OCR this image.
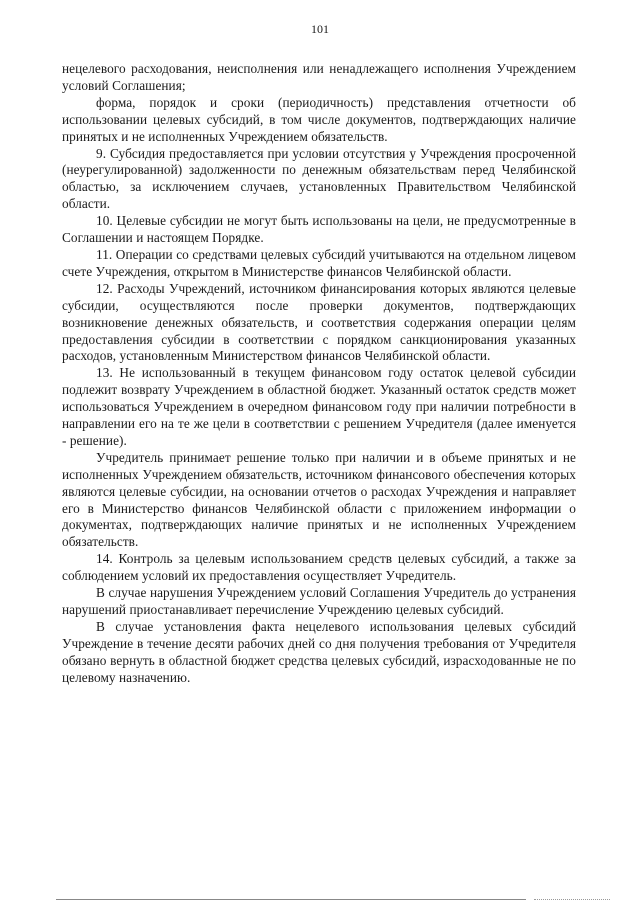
101

нецелевого расходования, неисполнения или ненадлежащего исполнения Учреждением условий Соглашения;

форма, порядок и сроки (периодичность) представления отчетности об использовании целевых субсидий, в том числе документов, подтверждающих наличие принятых и не исполненных Учреждением обязательств.

9. Субсидия предоставляется при условии отсутствия у Учреждения просроченной (неурегулированной) задолженности по денежным обязательствам перед Челябинской областью, за исключением случаев, установленных Правительством Челябинской области.

10. Целевые субсидии не могут быть использованы на цели, не предусмотренные в Соглашении и настоящем Порядке.

11. Операции со средствами целевых субсидий учитываются на отдельном лицевом счете Учреждения, открытом в Министерстве финансов Челябинской области.

12. Расходы Учреждений, источником финансирования которых являются целевые субсидии, осуществляются после проверки документов, подтверждающих возникновение денежных обязательств, и соответствия содержания операции целям предоставления субсидии в соответствии с порядком санкционирования указанных расходов, установленным Министерством финансов Челябинской области.

13. Не использованный в текущем финансовом году остаток целевой субсидии подлежит возврату Учреждением в областной бюджет. Указанный остаток средств может использоваться Учреждением в очередном финансовом году при наличии потребности в направлении его на те же цели в соответствии с решением Учредителя (далее именуется - решение).

Учредитель принимает решение только при наличии и в объеме принятых и не исполненных Учреждением обязательств, источником финансового обеспечения которых являются целевые субсидии, на основании отчетов о расходах Учреждения и направляет его в Министерство финансов Челябинской области с приложением информации о документах, подтверждающих наличие принятых и не исполненных Учреждением обязательств.

14. Контроль за целевым использованием средств целевых субсидий, а также за соблюдением условий их предоставления осуществляет Учредитель.

В случае нарушения Учреждением условий Соглашения Учредитель до устранения нарушений приостанавливает перечисление Учреждению целевых субсидий.

В случае установления факта нецелевого использования целевых субсидий Учреждение в течение десяти рабочих дней со дня получения требования от Учредителя обязано вернуть в областной бюджет средства целевых субсидий, израсходованные не по целевому назначению.
